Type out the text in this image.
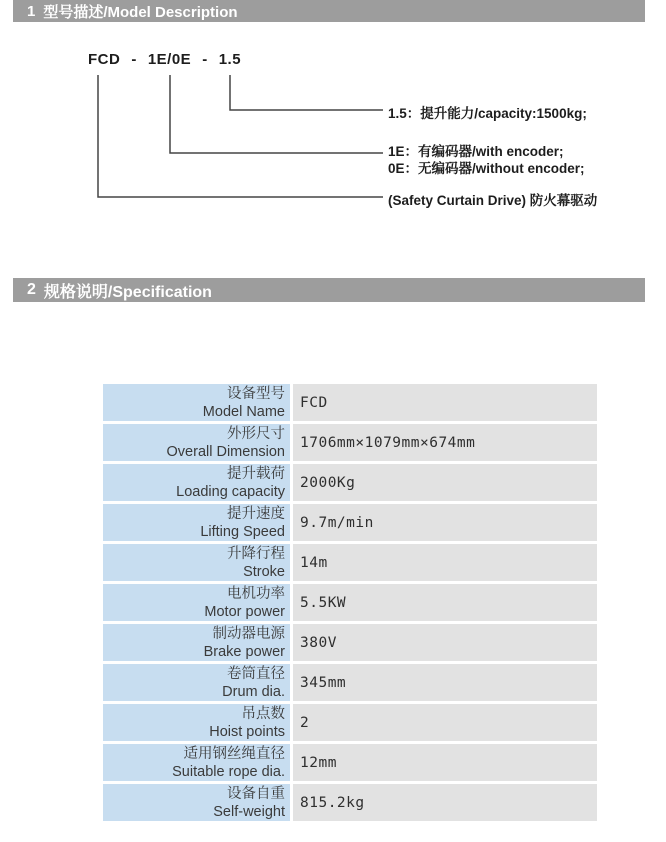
1 型号描述/Model Description
FCD - 1E/0E - 1.5
1.5：提升能力/capacity:1500kg;
1E：有编码器/with encoder;
0E：无编码器/without encoder;
(Safety Curtain Drive) 防火幕驱动
2 规格说明/Specification
设备型号
Model Name
FCD
外形尺寸
Overall Dimension
1706mm×1079mm×674mm
提升载荷
Loading capacity
2000Kg
提升速度
Lifting Speed
9.7m/min
升降行程
Stroke
14m
电机功率
Motor power
5.5KW
制动器电源
Brake power
380V
卷筒直径
Drum dia.
345mm
吊点数
Hoist points
2
适用钢丝绳直径
Suitable rope dia.
12mm
设备自重
Self-weight
815.2kg
